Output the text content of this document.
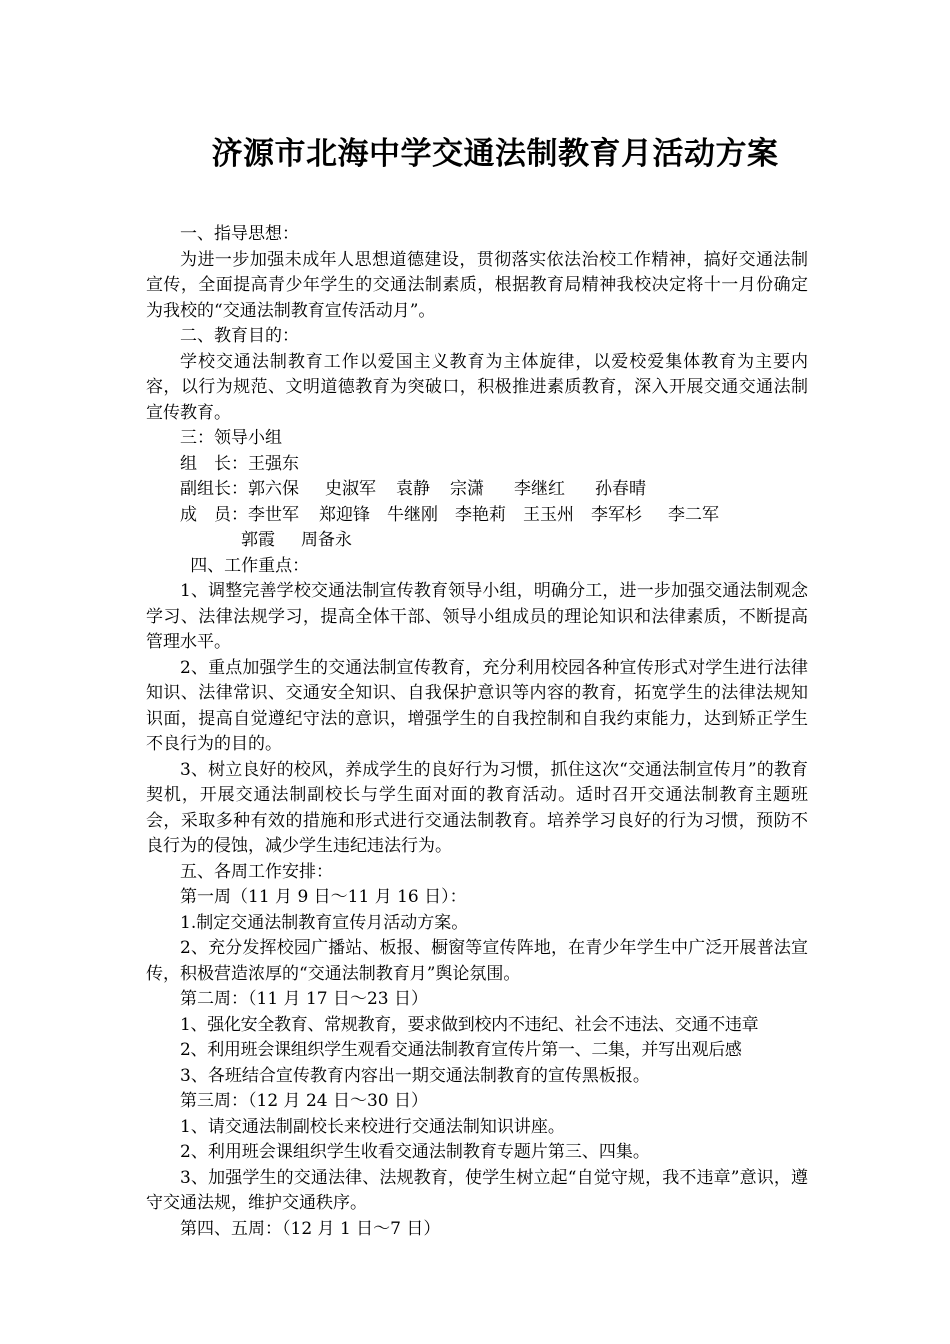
济源市北海中学交通法制教育月活动方案

一、指导思想：

为进一步加强未成年人思想道德建设，贯彻落实依法治校工作精神，搞好交通法制宣传，全面提高青少年学生的交通法制素质，根据教育局精神我校决定将十一月份确定为我校的“交通法制教育宣传活动月”。

二、教育目的：

学校交通法制教育工作以爱国主义教育为主体旋律，以爱校爱集体教育为主要内容，以行为规范、文明道德教育为突破口，积极推进素质教育，深入开展交通交通法制宣传教育。

三：领导小组

组　长：王强东

副组长：郭六保 史淑军 袁静 宗潇 李继红 孙春晴

成　员：李世军 郑迎锋 牛继刚 李艳莉 王玉州 李军杉 李二军

郭霞 周备永

四、工作重点：

1、调整完善学校交通法制宣传教育领导小组，明确分工，进一步加强交通法制观念学习、法律法规学习，提高全体干部、领导小组成员的理论知识和法律素质，不断提高管理水平。

2、重点加强学生的交通法制宣传教育，充分利用校园各种宣传形式对学生进行法律知识、法律常识、交通安全知识、自我保护意识等内容的教育，拓宽学生的法律法规知识面，提高自觉遵纪守法的意识，增强学生的自我控制和自我约束能力，达到矫正学生不良行为的目的。

3、树立良好的校风，养成学生的良好行为习惯，抓住这次“交通法制宣传月”的教育契机，开展交通法制副校长与学生面对面的教育活动。适时召开交通法制教育主题班会，采取多种有效的措施和形式进行交通法制教育。培养学习良好的行为习惯，预防不良行为的侵蚀，减少学生违纪违法行为。

五、各周工作安排：

第一周（11 月 9 日～11 月 16 日）：

1.制定交通法制教育宣传月活动方案。

2、充分发挥校园广播站、板报、橱窗等宣传阵地，在青少年学生中广泛开展普法宣传，积极营造浓厚的“交通法制教育月”舆论氛围。

第二周：（11 月 17 日～23 日）

1、强化安全教育、常规教育，要求做到校内不违纪、社会不违法、交通不违章

2、利用班会课组织学生观看交通法制教育宣传片第一、二集，并写出观后感

3、各班结合宣传教育内容出一期交通法制教育的宣传黑板报。

第三周：（12 月 24 日～30 日）

1、请交通法制副校长来校进行交通法制知识讲座。

2、利用班会课组织学生收看交通法制教育专题片第三、四集。

3、加强学生的交通法律、法规教育，使学生树立起“自觉守规，我不违章”意识，遵守交通法规，维护交通秩序。

第四、五周：（12 月 1 日～7 日）
